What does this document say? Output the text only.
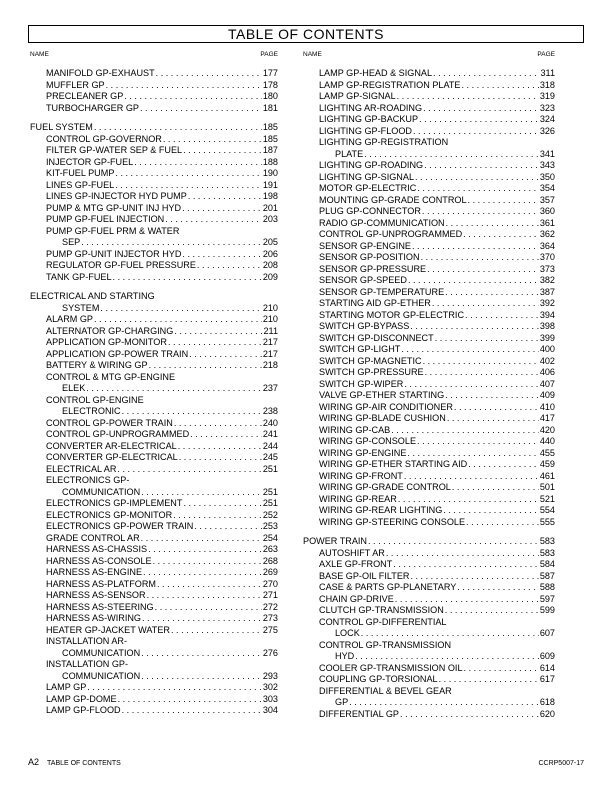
TABLE OF CONTENTS
NAME	PAGE
MANIFOLD GP-EXHAUST . . .	177
MUFFLER GP . . .	178
PRECLEANER GP . . .	180
TURBOCHARGER GP . . .	181
FUEL SYSTEM . . .	185
CONTROL GP-GOVERNOR . . .	185
FILTER GP-WATER SEP & FUEL . . .	187
INJECTOR GP-FUEL . . .	188
KIT-FUEL PUMP . . .	190
LINES GP-FUEL . . .	191
LINES GP-INJECTOR HYD PUMP . . .	198
PUMP & MTG GP-UNIT INJ HYD . . .	201
PUMP GP-FUEL INJECTION . . .	203
PUMP GP-FUEL PRM & WATER
SEP . . .	205
PUMP GP-UNIT INJECTOR HYD . . .	206
REGULATOR GP-FUEL PRESSURE . . .	208
TANK GP-FUEL . . .	209
ELECTRICAL AND STARTING
SYSTEM . . .	210
ALARM GP . . .	210
ALTERNATOR GP-CHARGING . . .	211
APPLICATION GP-MONITOR . . .	217
APPLICATION GP-POWER TRAIN . . .	217
BATTERY & WIRING GP . . .	218
CONTROL & MTG GP-ENGINE
ELEK . . .	237
CONTROL GP-ENGINE
ELECTRONIC . . .	238
CONTROL GP-POWER TRAIN . . .	240
CONTROL GP-UNPROGRAMMED . . .	241
CONVERTER AR-ELECTRICAL . . .	244
CONVERTER GP-ELECTRICAL . . .	245
ELECTRICAL AR . . .	251
ELECTRONICS GP-
COMMUNICATION . . .	251
ELECTRONICS GP-IMPLEMENT . . .	251
ELECTRONICS GP-MONITOR . . .	252
ELECTRONICS GP-POWER TRAIN . . .	253
GRADE CONTROL AR . . .	254
HARNESS AS-CHASSIS . . .	263
HARNESS AS-CONSOLE . . .	268
HARNESS AS-ENGINE . . .	269
HARNESS AS-PLATFORM . . .	270
HARNESS AS-SENSOR . . .	271
HARNESS AS-STEERING . . .	272
HARNESS AS-WIRING . . .	273
HEATER GP-JACKET WATER . . .	275
INSTALLATION AR-
COMMUNICATION . . .	276
INSTALLATION GP-
COMMUNICATION . . .	293
LAMP GP . . .	302
LAMP GP-DOME . . .	303
LAMP GP-FLOOD . . .	304
NAME	PAGE
LAMP GP-HEAD & SIGNAL . . .	311
LAMP GP-REGISTRATION PLATE . . .	318
LAMP GP-SIGNAL . . .	319
LIGHTING AR-ROADING . . .	323
LIGHTING GP-BACKUP . . .	324
LIGHTING GP-FLOOD . . .	326
LIGHTING GP-REGISTRATION
PLATE . . .	341
LIGHTING GP-ROADING . . .	343
LIGHTING GP-SIGNAL . . .	350
MOTOR GP-ELECTRIC . . .	354
MOUNTING GP-GRADE CONTROL . . .	357
PLUG GP-CONNECTOR . . .	360
RADIO GP-COMMUNICATION . . .	361
CONTROL GP-UNPROGRAMMED . . .	362
SENSOR GP-ENGINE . . .	364
SENSOR GP-POSITION . . .	370
SENSOR GP-PRESSURE . . .	373
SENSOR GP-SPEED . . .	382
SENSOR GP-TEMPERATURE . . .	387
STARTING AID GP-ETHER . . .	392
STARTING MOTOR GP-ELECTRIC . . .	394
SWITCH GP-BYPASS . . .	398
SWITCH GP-DISCONNECT . . .	399
SWITCH GP-LIGHT . . .	400
SWITCH GP-MAGNETIC . . .	402
SWITCH GP-PRESSURE . . .	406
SWITCH GP-WIPER . . .	407
VALVE GP-ETHER STARTING . . .	409
WIRING GP-AIR CONDITIONER . . .	410
WIRING GP-BLADE CUSHION . . .	417
WIRING GP-CAB . . .	420
WIRING GP-CONSOLE . . .	440
WIRING GP-ENGINE . . .	455
WIRING GP-ETHER STARTING AID . . .	459
WIRING GP-FRONT . . .	461
WIRING GP-GRADE CONTROL . . .	501
WIRING GP-REAR . . .	521
WIRING GP-REAR LIGHTING . . .	554
WIRING GP-STEERING CONSOLE . . .	555
POWER TRAIN . . .	583
AUTOSHIFT AR . . .	583
AXLE GP-FRONT . . .	584
BASE GP-OIL FILTER . . .	587
CASE & PARTS GP-PLANETARY . . .	588
CHAIN GP-DRIVE . . .	597
CLUTCH GP-TRANSMISSION . . .	599
CONTROL GP-DIFFERENTIAL
LOCK . . .	607
CONTROL GP-TRANSMISSION
HYD . . .	609
COOLER GP-TRANSMISSION OIL . . .	614
COUPLING GP-TORSIONAL . . .	617
DIFFERENTIAL & BEVEL GEAR
GP . . .	618
DIFFERENTIAL GP . . .	620
A2 TABLE OF CONTENTS	CCRP5007-17
